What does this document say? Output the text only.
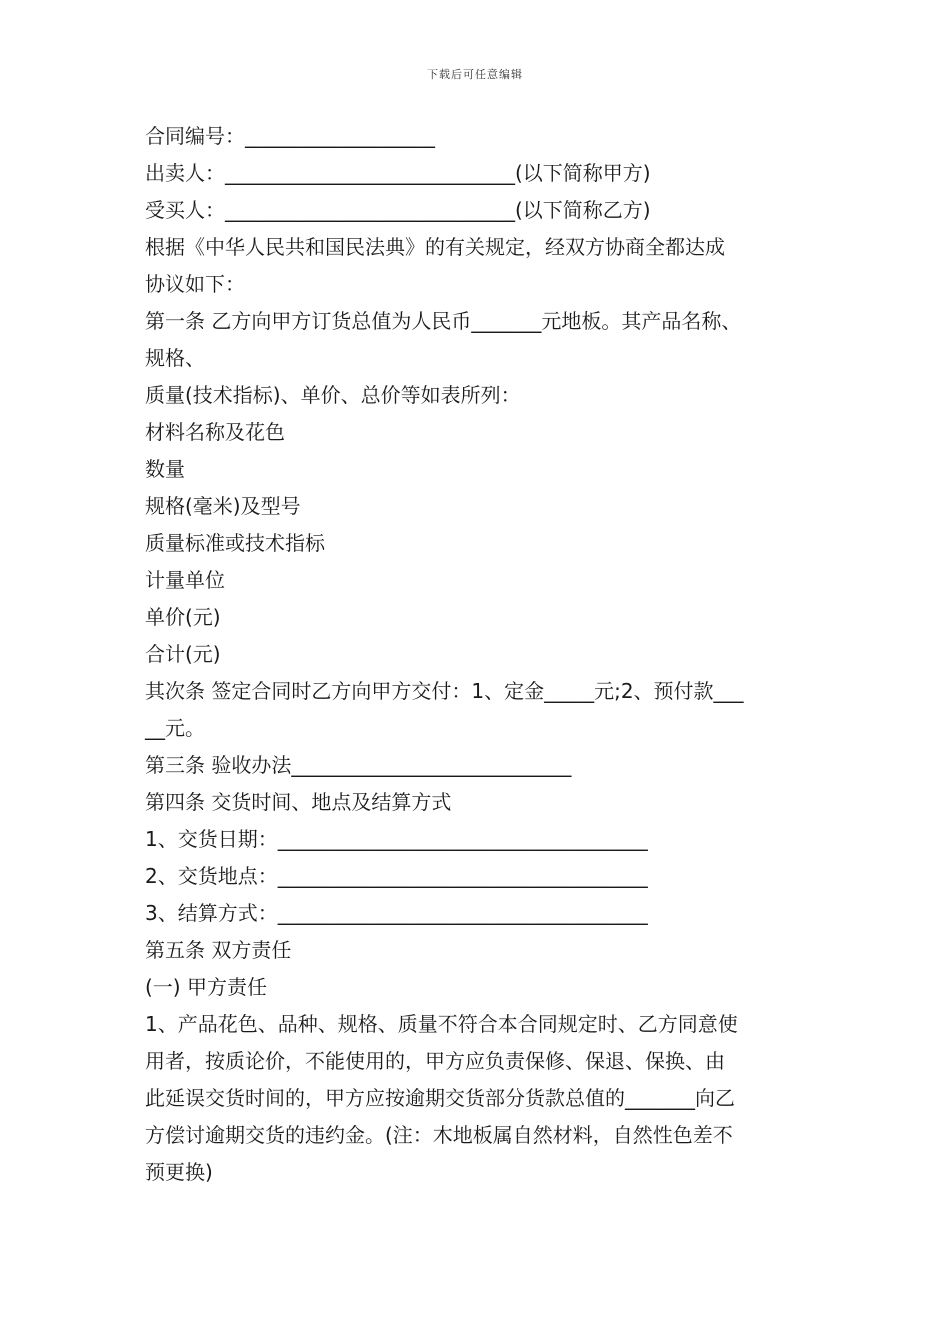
下载后可任意编辑
合同编号：___________________
出卖人：_____________________________(以下简称甲方)
受买人：_____________________________(以下简称乙方)
根据《中华人民共和国民法典》的有关规定，经双方协商全都达成
协议如下：
第一条 乙方向甲方订货总值为人民币_______元地板。其产品名称、
规格、
质量(技术指标)、单价、总价等如表所列：
材料名称及花色
数量
规格(毫米)及型号
质量标准或技术指标
计量单位
单价(元)
合计(元)
其次条 签定合同时乙方向甲方交付：1、定金_____元;2、预付款___
__元。
第三条 验收办法____________________________
第四条 交货时间、地点及结算方式
1、交货日期：_____________________________________
2、交货地点：_____________________________________
3、结算方式：_____________________________________
第五条 双方责任
(一) 甲方责任
1、产品花色、品种、规格、质量不符合本合同规定时、乙方同意使
用者，按质论价，不能使用的，甲方应负责保修、保退、保换、由
此延误交货时间的，甲方应按逾期交货部分货款总值的_______向乙
方偿讨逾期交货的违约金。(注：木地板属自然材料，自然性色差不
预更换)
